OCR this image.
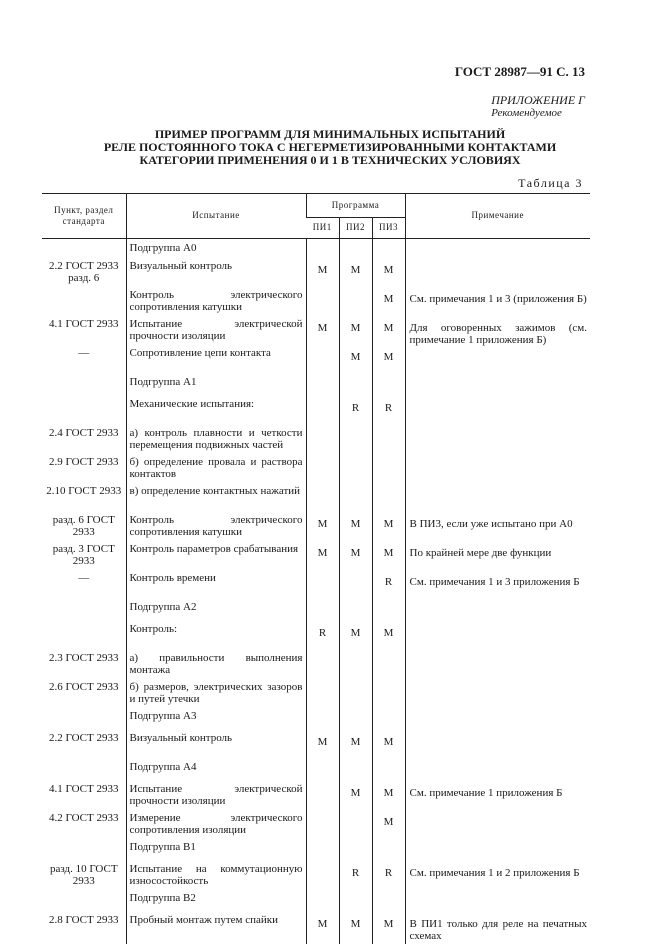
ГОСТ 28987—91 С. 13
ПРИЛОЖЕНИЕ Г
Рекомендуемое
ПРИМЕР ПРОГРАММ ДЛЯ МИНИМАЛЬНЫХ ИСПЫТАНИЙ
РЕЛЕ ПОСТОЯННОГО ТОКА С НЕГЕРМЕТИЗИРОВАННЫМИ КОНТАКТАМИ
КАТЕГОРИИ ПРИМЕНЕНИЯ 0 И 1 В ТЕХНИЧЕСКИХ УСЛОВИЯХ
Таблица 3
Пункт, раздел стандарта	Испытание	Программа			Примечание
		ПИ1	ПИ2	ПИ3	
	Подгруппа А0				
2.2 ГОСТ 2933 разд. 6	Визуальный контроль	М	М	М	
	Контроль электрического сопротивления катушки			М	См. примечания 1 и 3 (приложения Б)
4.1 ГОСТ 2933	Испытание электрической прочности изоляции	М	М	М	Для оговоренных зажимов (см. примечание 1 приложения Б)
—	Сопротивление цепи контакта		М	М	
	Подгруппа А1				
	Механические испытания:		R	R	
2.4 ГОСТ 2933	а) контроль плавности и четкости перемещения подвижных частей				
2.9 ГОСТ 2933	б) определение провала и раствора контактов				
2.10 ГОСТ 2933	в) определение контактных нажатий				
разд. 6 ГОСТ 2933	Контроль электрического сопротивления катушки	М	М	М	В ПИ3, если уже испытано при А0
разд. 3 ГОСТ 2933	Контроль параметров срабатывания	М	М	М	По крайней мере две функции
—	Контроль времени			R	См. примечания 1 и 3 приложения Б
	Подгруппа А2				
	Контроль:	R	М	М	
2.3 ГОСТ 2933	а) правильности выполнения монтажа				
2.6 ГОСТ 2933	б) размеров, электрических зазоров и путей утечки				
	Подгруппа А3				
2.2 ГОСТ 2933	Визуальный контроль	М	М	М	
	Подгруппа А4				
4.1 ГОСТ 2933	Испытание электрической прочности изоляции		М	М	См. примечание 1 приложения Б
4.2 ГОСТ 2933	Измерение электрического сопротивления изоляции			М	
	Подгруппа В1				
разд. 10 ГОСТ 2933	Испытание на коммутационную износостойкость		R	R	См. примечания 1 и 2 приложения Б
	Подгруппа В2				
2.8 ГОСТ 2933	Пробный монтаж путем спайки	М	М	М	В ПИ1 только для реле на печатных схемах
